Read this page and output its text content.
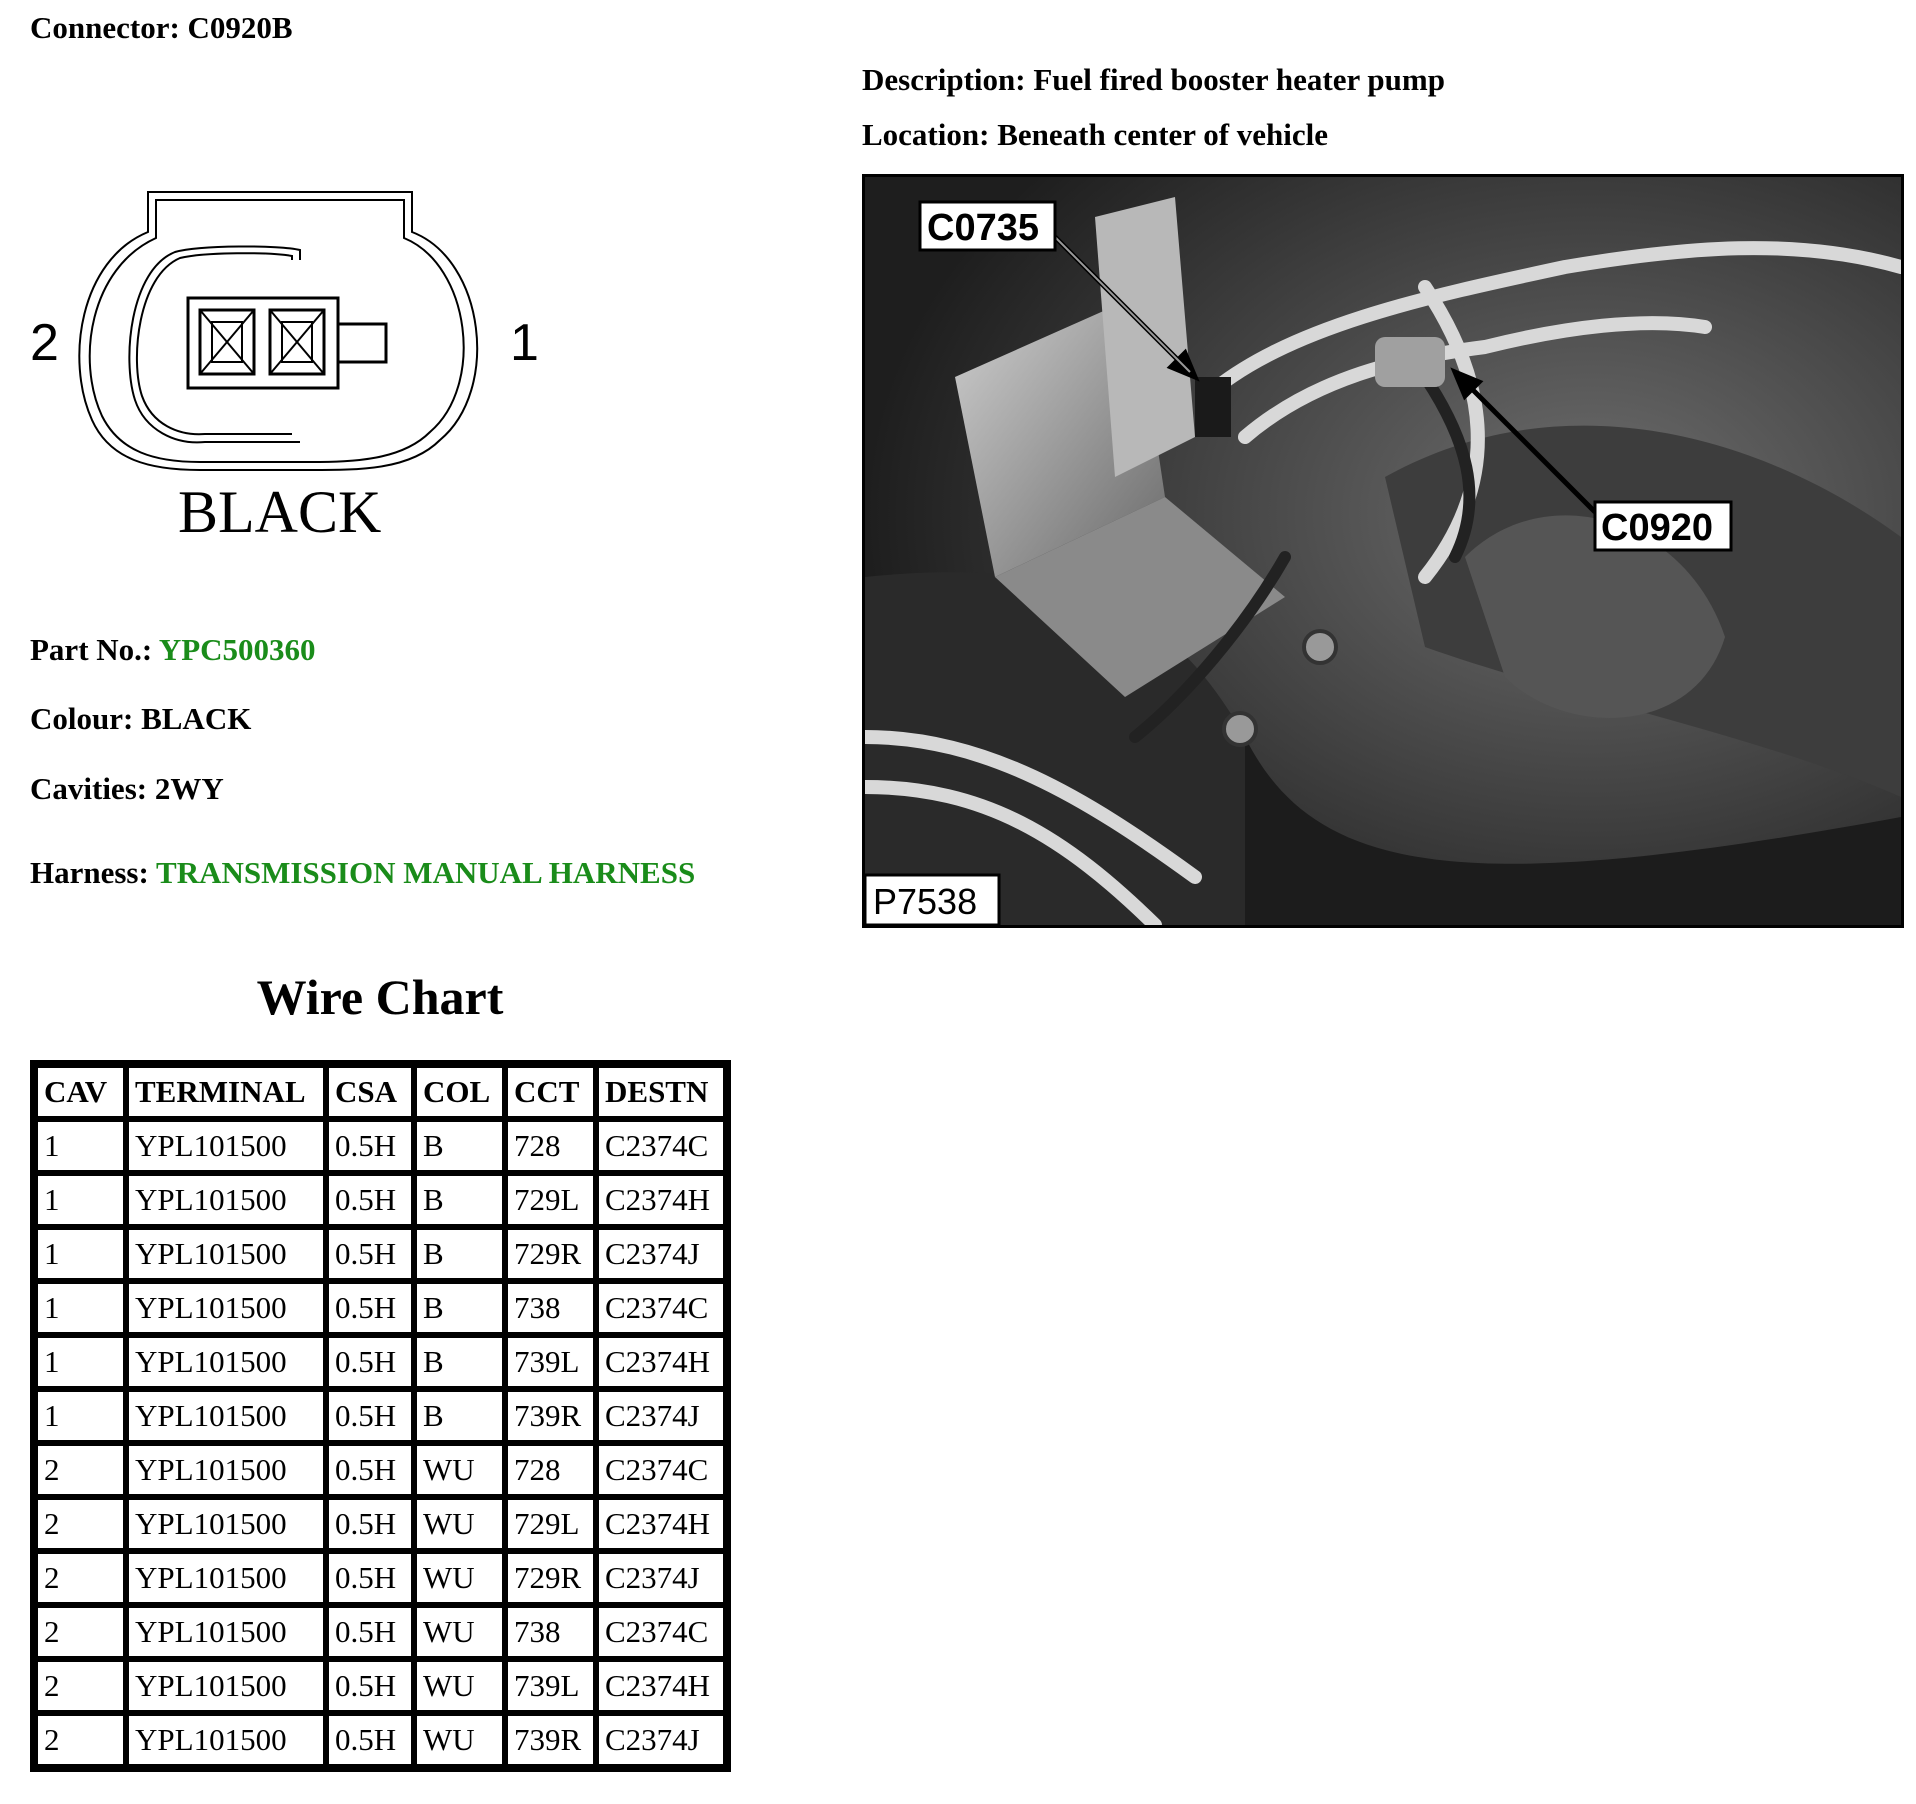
Connector: C0920B
Description: Fuel fired booster heater pump
Location: Beneath center of vehicle
2	1
BLACK
C0735
C0920
P7538
Part No.: YPC500360
Colour: BLACK
Cavities: 2WY
Harness: TRANSMISSION MANUAL HARNESS
Wire Chart
CAV	TERMINAL	CSA	COL	CCT	DESTN
1	YPL101500	0.5H	B	728	C2374C
1	YPL101500	0.5H	B	729L	C2374H
1	YPL101500	0.5H	B	729R	C2374J
1	YPL101500	0.5H	B	738	C2374C
1	YPL101500	0.5H	B	739L	C2374H
1	YPL101500	0.5H	B	739R	C2374J
2	YPL101500	0.5H	WU	728	C2374C
2	YPL101500	0.5H	WU	729L	C2374H
2	YPL101500	0.5H	WU	729R	C2374J
2	YPL101500	0.5H	WU	738	C2374C
2	YPL101500	0.5H	WU	739L	C2374H
2	YPL101500	0.5H	WU	739R	C2374J
